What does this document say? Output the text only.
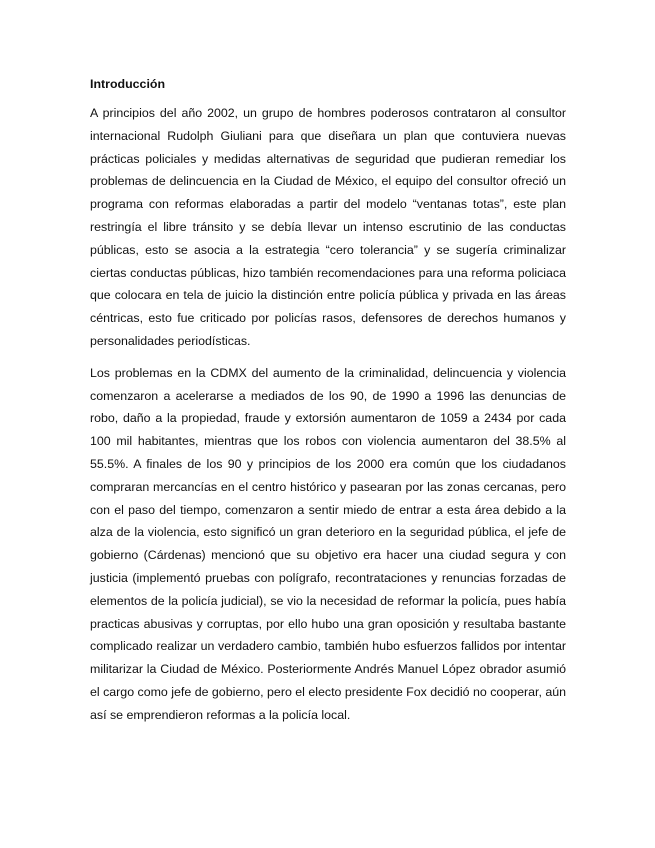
Introducción

A principios del año 2002, un grupo de hombres poderosos contrataron al consultor internacional Rudolph Giuliani para que diseñara un plan que contuviera nuevas prácticas policiales y medidas alternativas de seguridad que pudieran remediar los problemas de delincuencia en la Ciudad de México, el equipo del consultor ofreció un programa con reformas elaboradas a partir del modelo “ventanas totas”, este plan restringía el libre tránsito y se debía llevar un intenso escrutinio de las conductas públicas, esto se asocia a la estrategia “cero tolerancia” y se sugería criminalizar ciertas conductas públicas, hizo también recomendaciones para una reforma policiaca que colocara en tela de juicio la distinción entre policía pública y privada en las áreas céntricas, esto fue criticado por policías rasos, defensores de derechos humanos y personalidades periodísticas.

Los problemas en la CDMX del aumento de la criminalidad, delincuencia y violencia comenzaron a acelerarse a mediados de los 90, de 1990 a 1996 las denuncias de robo, daño a la propiedad, fraude y extorsión aumentaron de 1059 a 2434 por cada 100 mil habitantes, mientras que los robos con violencia aumentaron del 38.5% al 55.5%. A finales de los 90 y principios de los 2000 era común que los ciudadanos compraran mercancías en el centro histórico y pasearan por las zonas cercanas, pero con el paso del tiempo, comenzaron a sentir miedo de entrar a esta área debido a la alza de la violencia, esto significó un gran deterioro en la seguridad pública, el jefe de gobierno (Cárdenas) mencionó que su objetivo era hacer una ciudad segura y con justicia (implementó pruebas con polígrafo, recontrataciones y renuncias forzadas de elementos de la policía judicial), se vio la necesidad de reformar la policía, pues había practicas abusivas y corruptas, por ello hubo una gran oposición y resultaba bastante complicado realizar un verdadero cambio, también hubo esfuerzos fallidos por intentar militarizar la Ciudad de México. Posteriormente Andrés Manuel López obrador asumió el cargo como jefe de gobierno, pero el electo presidente Fox decidió no cooperar, aún así se emprendieron reformas a la policía local.
